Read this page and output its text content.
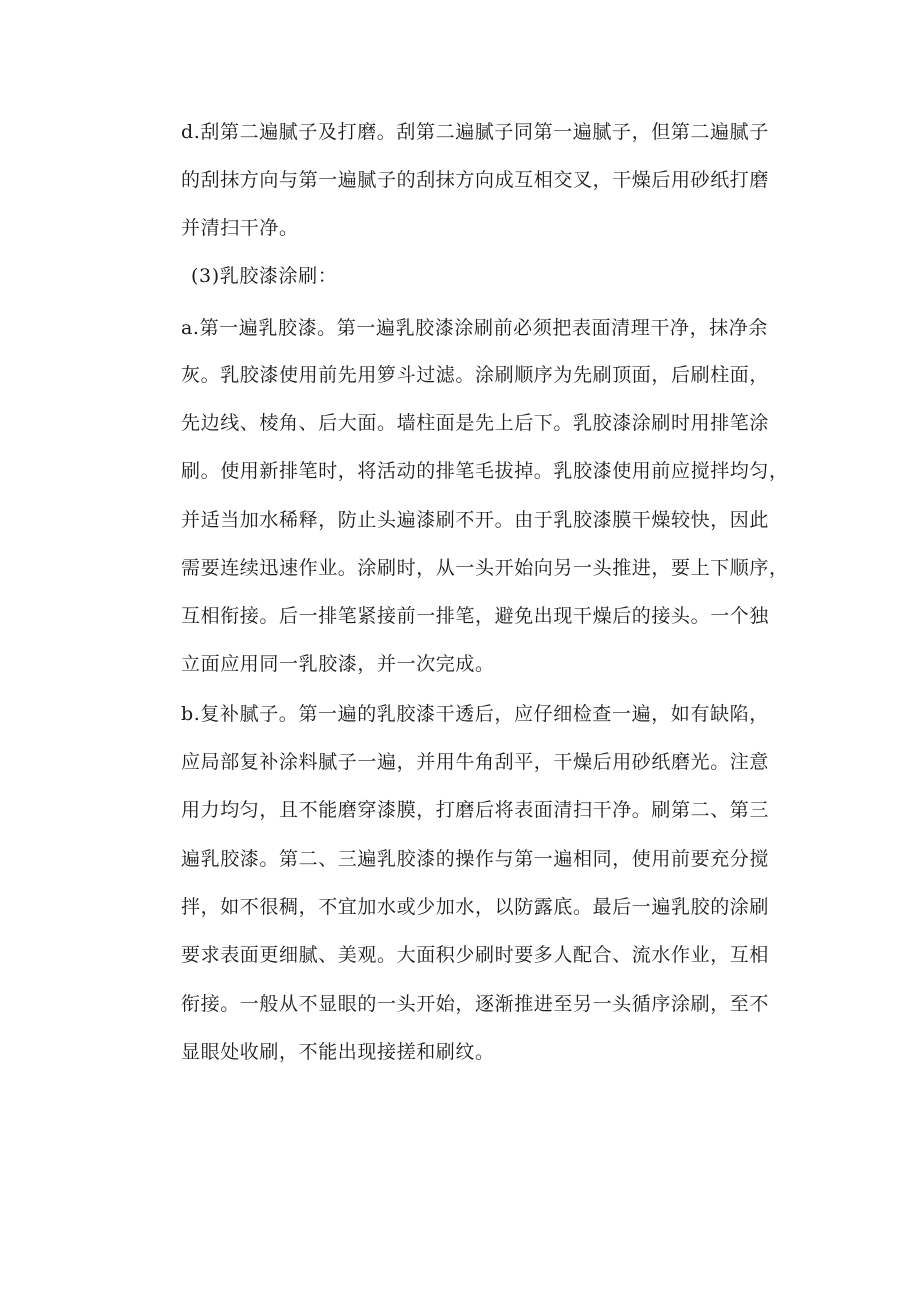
d.刮第二遍腻子及打磨。刮第二遍腻子同第一遍腻子，但第二遍腻子
的刮抹方向与第一遍腻子的刮抹方向成互相交叉，干燥后用砂纸打磨
并清扫干净。
(3)乳胶漆涂刷：
a.第一遍乳胶漆。第一遍乳胶漆涂刷前必须把表面清理干净，抹净余
灰。乳胶漆使用前先用箩斗过滤。涂刷顺序为先刷顶面，后刷柱面，
先边线、棱角、后大面。墙柱面是先上后下。乳胶漆涂刷时用排笔涂
刷。使用新排笔时，将活动的排笔毛拔掉。乳胶漆使用前应搅拌均匀，
并适当加水稀释，防止头遍漆刷不开。由于乳胶漆膜干燥较快，因此
需要连续迅速作业。涂刷时，从一头开始向另一头推进，要上下顺序，
互相衔接。后一排笔紧接前一排笔，避免出现干燥后的接头。一个独
立面应用同一乳胶漆，并一次完成。
b.复补腻子。第一遍的乳胶漆干透后，应仔细检查一遍，如有缺陷，
应局部复补涂料腻子一遍，并用牛角刮平，干燥后用砂纸磨光。注意
用力均匀，且不能磨穿漆膜，打磨后将表面清扫干净。刷第二、第三
遍乳胶漆。第二、三遍乳胶漆的操作与第一遍相同，使用前要充分搅
拌，如不很稠，不宜加水或少加水，以防露底。最后一遍乳胶的涂刷
要求表面更细腻、美观。大面积少刷时要多人配合、流水作业，互相
衔接。一般从不显眼的一头开始，逐渐推进至另一头循序涂刷，至不
显眼处收刷，不能出现接搓和刷纹。
